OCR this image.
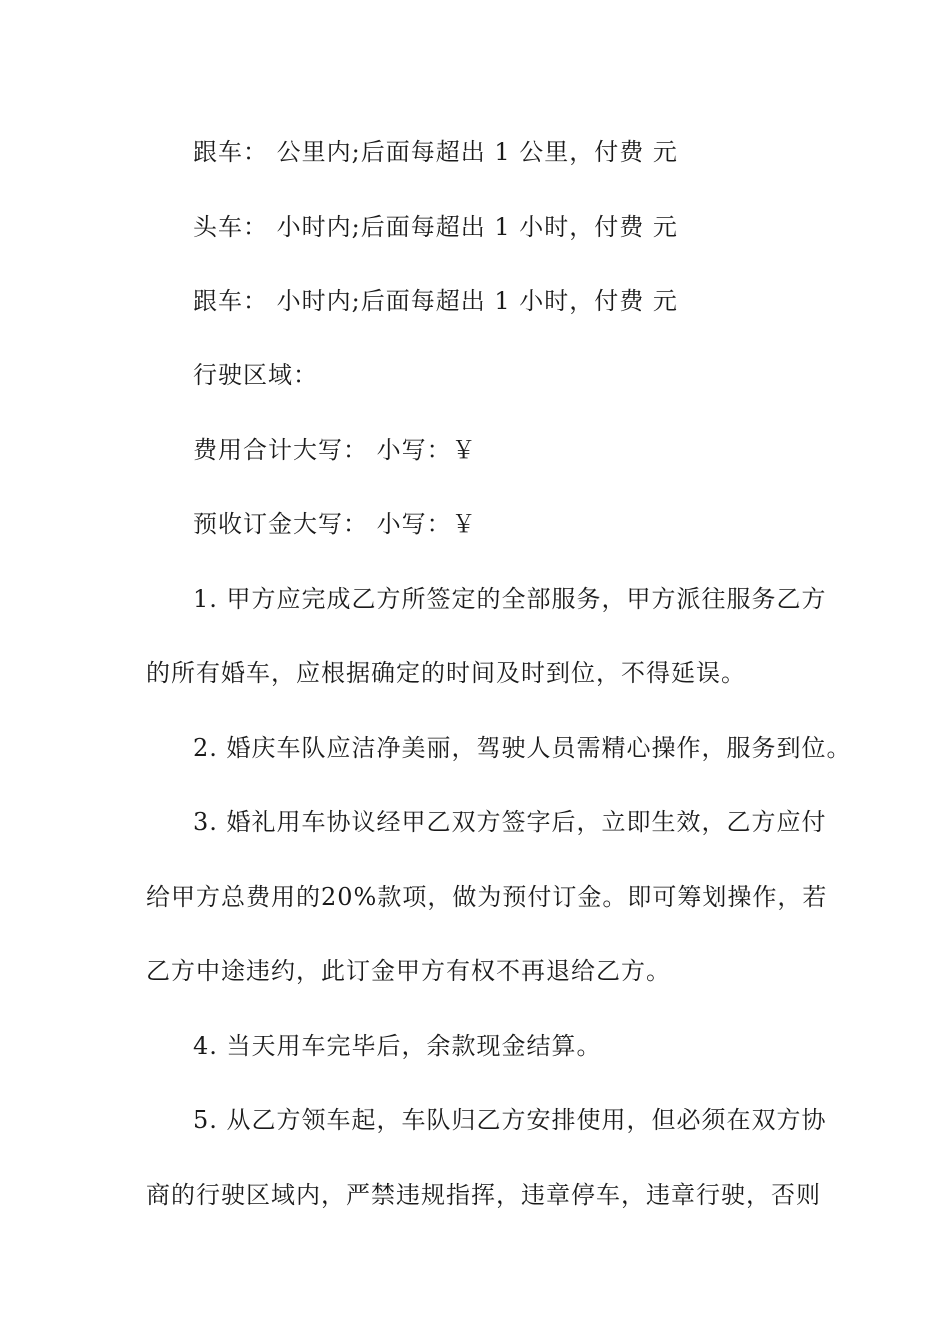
跟车： 公里内;后面每超出 1 公里，付费 元
头车： 小时内;后面每超出 1 小时，付费 元
跟车： 小时内;后面每超出 1 小时，付费 元
行驶区域：
费用合计大写： 小写：￥
预收订金大写： 小写：￥
1. 甲方应完成乙方所签定的全部服务，甲方派往服务乙方
的所有婚车，应根据确定的时间及时到位，不得延误。
2. 婚庆车队应洁净美丽，驾驶人员需精心操作，服务到位。
3. 婚礼用车协议经甲乙双方签字后，立即生效，乙方应付
给甲方总费用的20%款项，做为预付订金。即可筹划操作，若
乙方中途违约，此订金甲方有权不再退给乙方。
4. 当天用车完毕后，余款现金结算。
5. 从乙方领车起，车队归乙方安排使用，但必须在双方协
商的行驶区域内，严禁违规指挥，违章停车，违章行驶，否则
